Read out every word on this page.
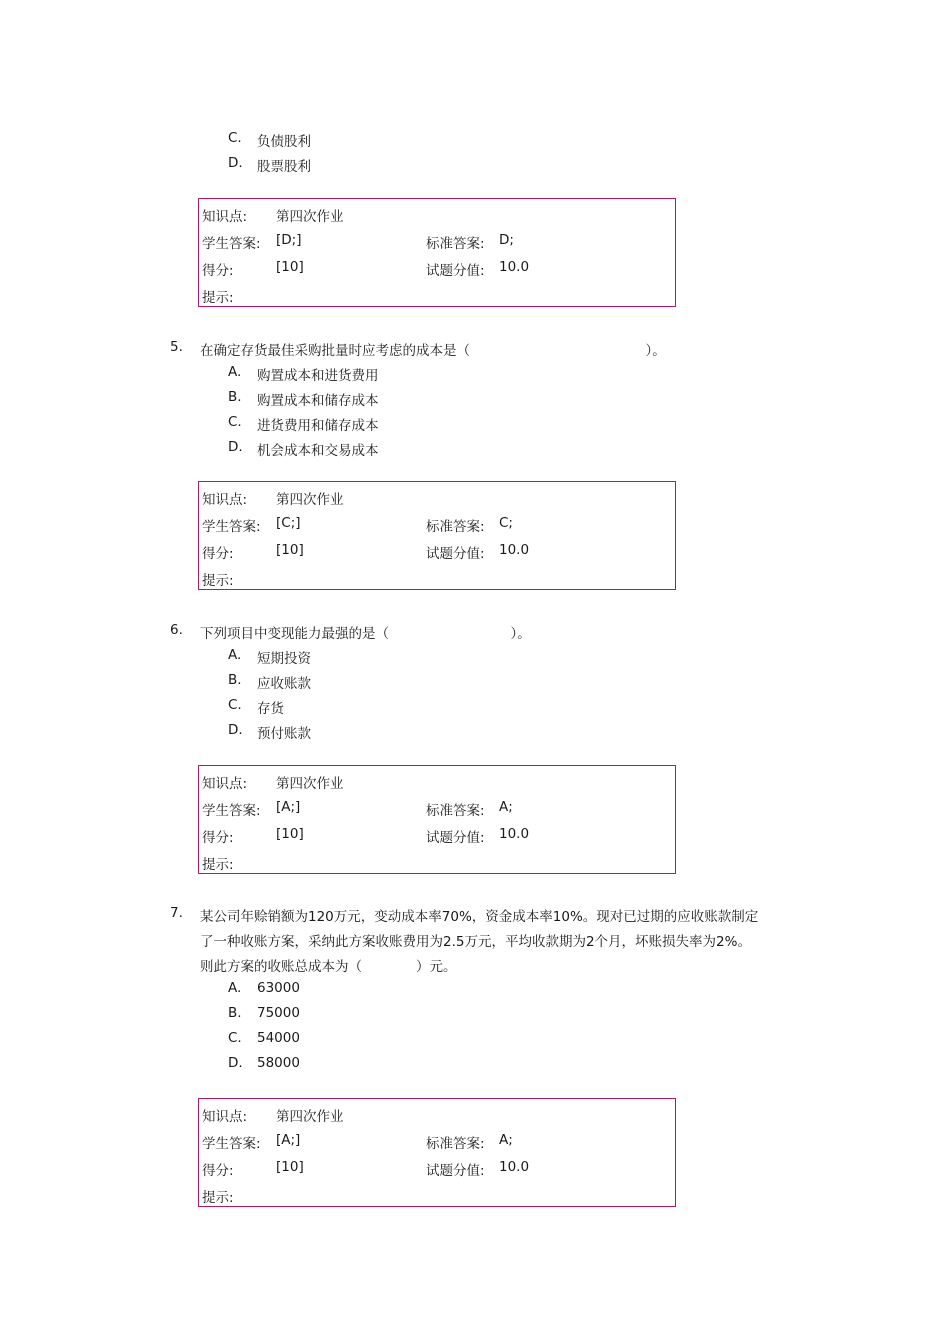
C. 负债股利
D. 股票股利
知识点: 第四次作业
学生答案: [D;]	标准答案: D;
得分:	[10]	试题分值: 10.0
提示:
5. 在确定存货最佳采购批量时应考虑的成本是（　　　　　　　　　　　　　）。
A. 购置成本和进货费用
B. 购置成本和储存成本
C. 进货费用和储存成本
D. 机会成本和交易成本
知识点: 第四次作业
学生答案: [C;]	标准答案: C;
得分:	[10]	试题分值: 10.0
提示:
6. 下列项目中变现能力最强的是（　　　　　　　　　）。
A. 短期投资
B. 应收账款
C. 存货
D. 预付账款
知识点: 第四次作业
学生答案: [A;]	标准答案: A;
得分:	[10]	试题分值: 10.0
提示:
7. 某公司年赊销额为120万元，变动成本率70%，资金成本率10%。现对已过期的应收账款制定
了一种收账方案，采纳此方案收账费用为2.5万元，平均收款期为2个月，坏账损失率为2%。
则此方案的收账总成本为（　　　　）元。
A. 63000
B. 75000
C. 54000
D. 58000
知识点: 第四次作业
学生答案: [A;]	标准答案: A;
得分:	[10]	试题分值: 10.0
提示:
